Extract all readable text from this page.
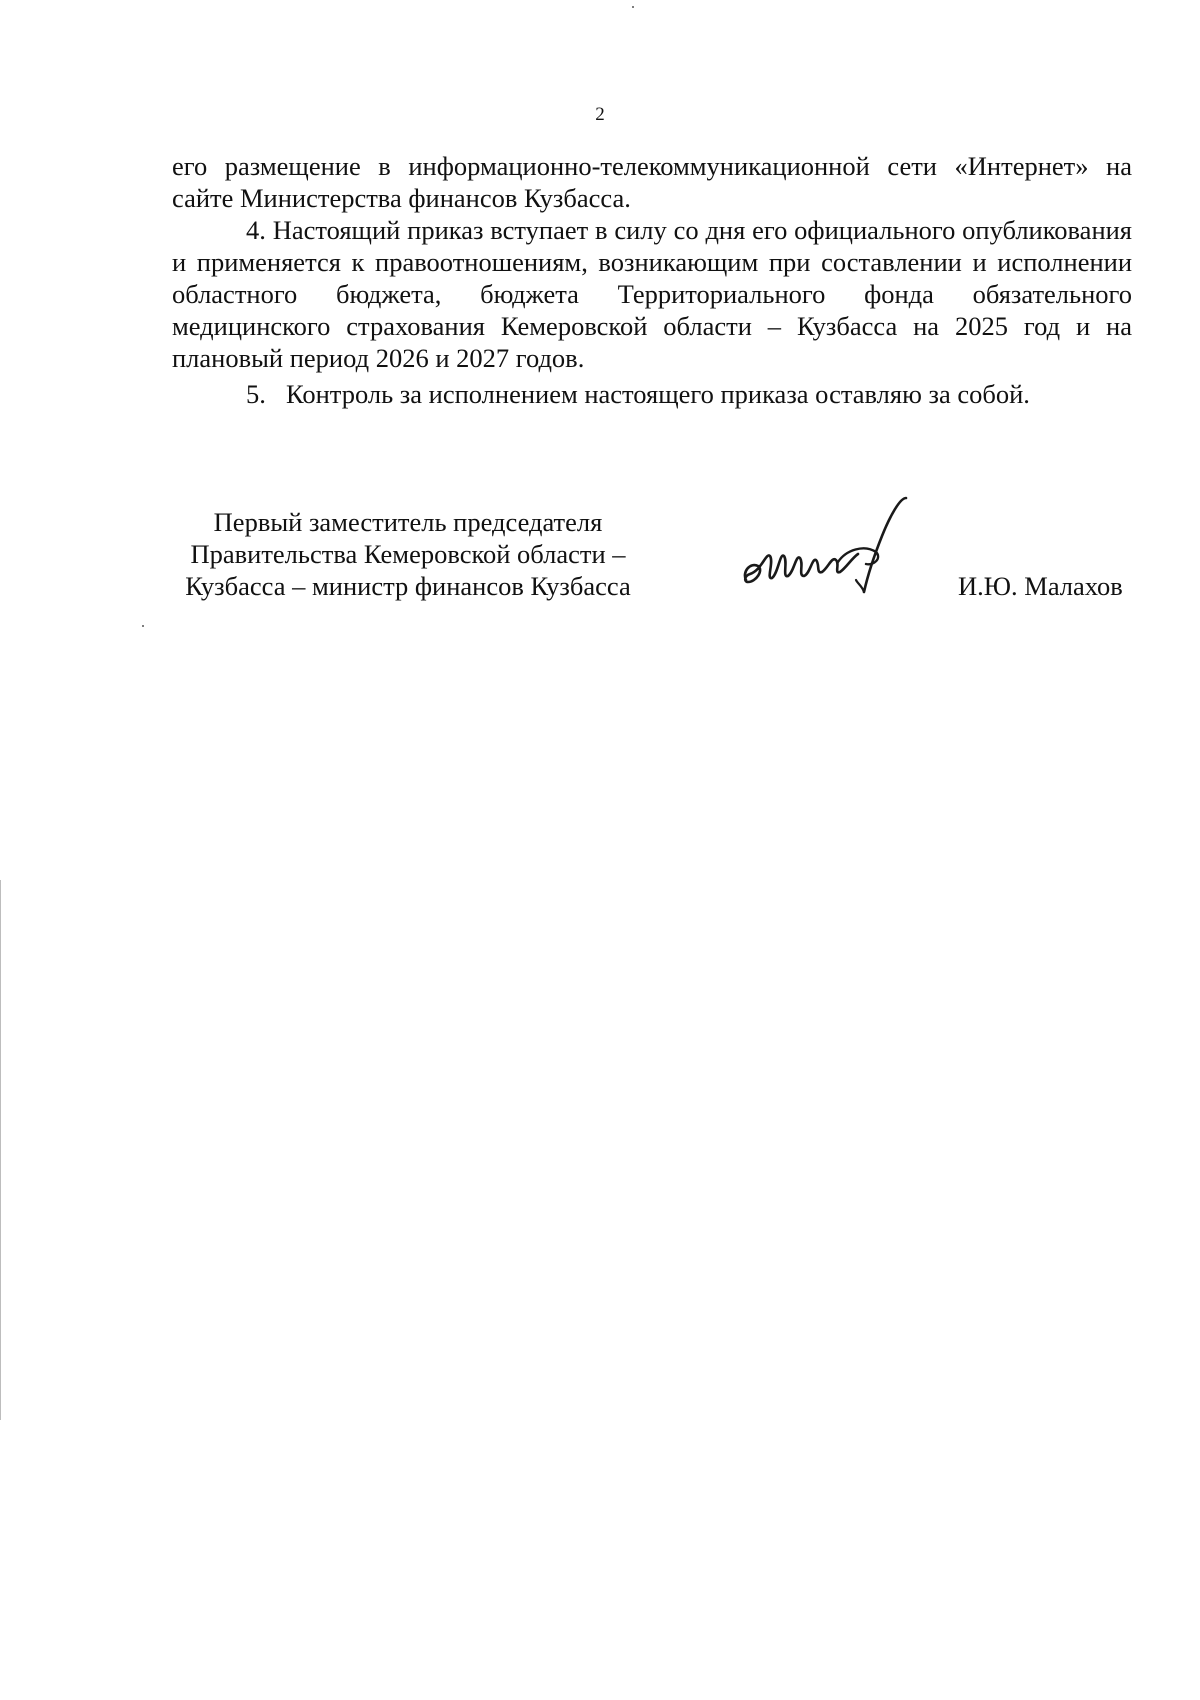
2

его размещение в информационно-телекоммуникационной сети «Интернет» на сайте Министерства финансов Кузбасса.

4. Настоящий приказ вступает в силу со дня его официального опубликования и применяется к правоотношениям, возникающим при составлении и исполнении областного бюджета, бюджета Территориального фонда обязательного медицинского страхования Кемеровской области – Кузбасса на 2025 год и на плановый период 2026 и 2027 годов.

5. Контроль за исполнением настоящего приказа оставляю за собой.
Первый заместитель председателя
Правительства Кемеровской области –
Кузбасса – министр финансов Кузбасса	И.Ю. Малахов
